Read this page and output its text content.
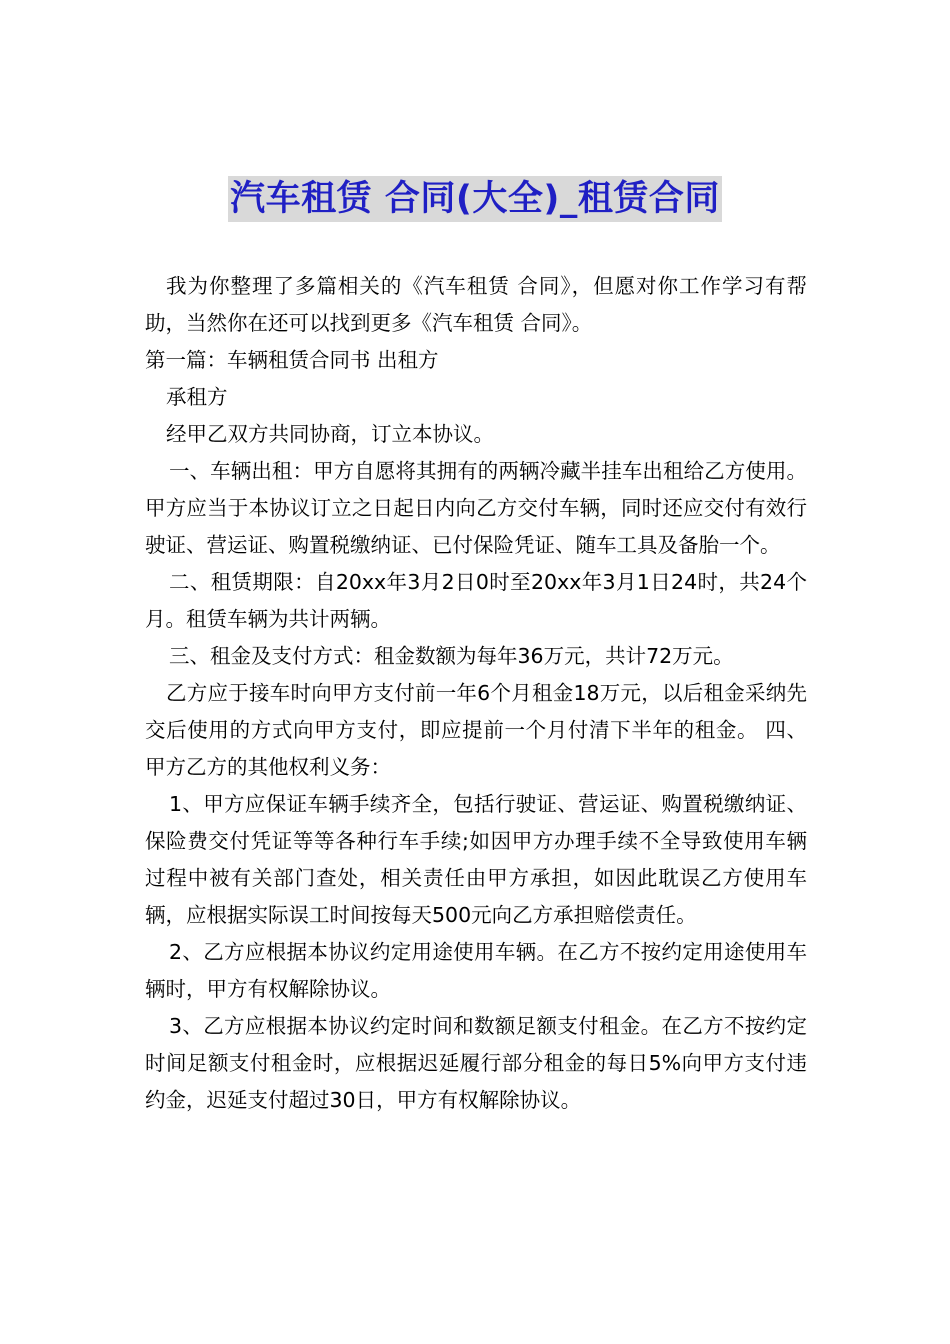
汽车租赁 合同(大全)_租赁合同

我为你整理了多篇相关的《汽车租赁 合同》，但愿对你工作学习有帮助，当然你在还可以找到更多《汽车租赁 合同》。

第一篇：车辆租赁合同书 出租方

承租方

经甲乙双方共同协商，订立本协议。

一、车辆出租：甲方自愿将其拥有的两辆冷藏半挂车出租给乙方使用。甲方应当于本协议订立之日起日内向乙方交付车辆，同时还应交付有效行驶证、营运证、购置税缴纳证、已付保险凭证、随车工具及备胎一个。

二、租赁期限：自20xx年3月2日0时至20xx年3月1日24时，共24个月。租赁车辆为共计两辆。

三、租金及支付方式：租金数额为每年36万元，共计72万元。

乙方应于接车时向甲方支付前一年6个月租金18万元，以后租金采纳先交后使用的方式向甲方支付，即应提前一个月付清下半年的租金。 四、甲方乙方的其他权利义务：

1、甲方应保证车辆手续齐全，包括行驶证、营运证、购置税缴纳证、保险费交付凭证等等各种行车手续;如因甲方办理手续不全导致使用车辆过程中被有关部门查处，相关责任由甲方承担，如因此耽误乙方使用车辆，应根据实际误工时间按每天500元向乙方承担赔偿责任。

2、乙方应根据本协议约定用途使用车辆。在乙方不按约定用途使用车辆时，甲方有权解除协议。

3、乙方应根据本协议约定时间和数额足额支付租金。在乙方不按约定时间足额支付租金时，应根据迟延履行部分租金的每日5%向甲方支付违约金，迟延支付超过30日，甲方有权解除协议。
